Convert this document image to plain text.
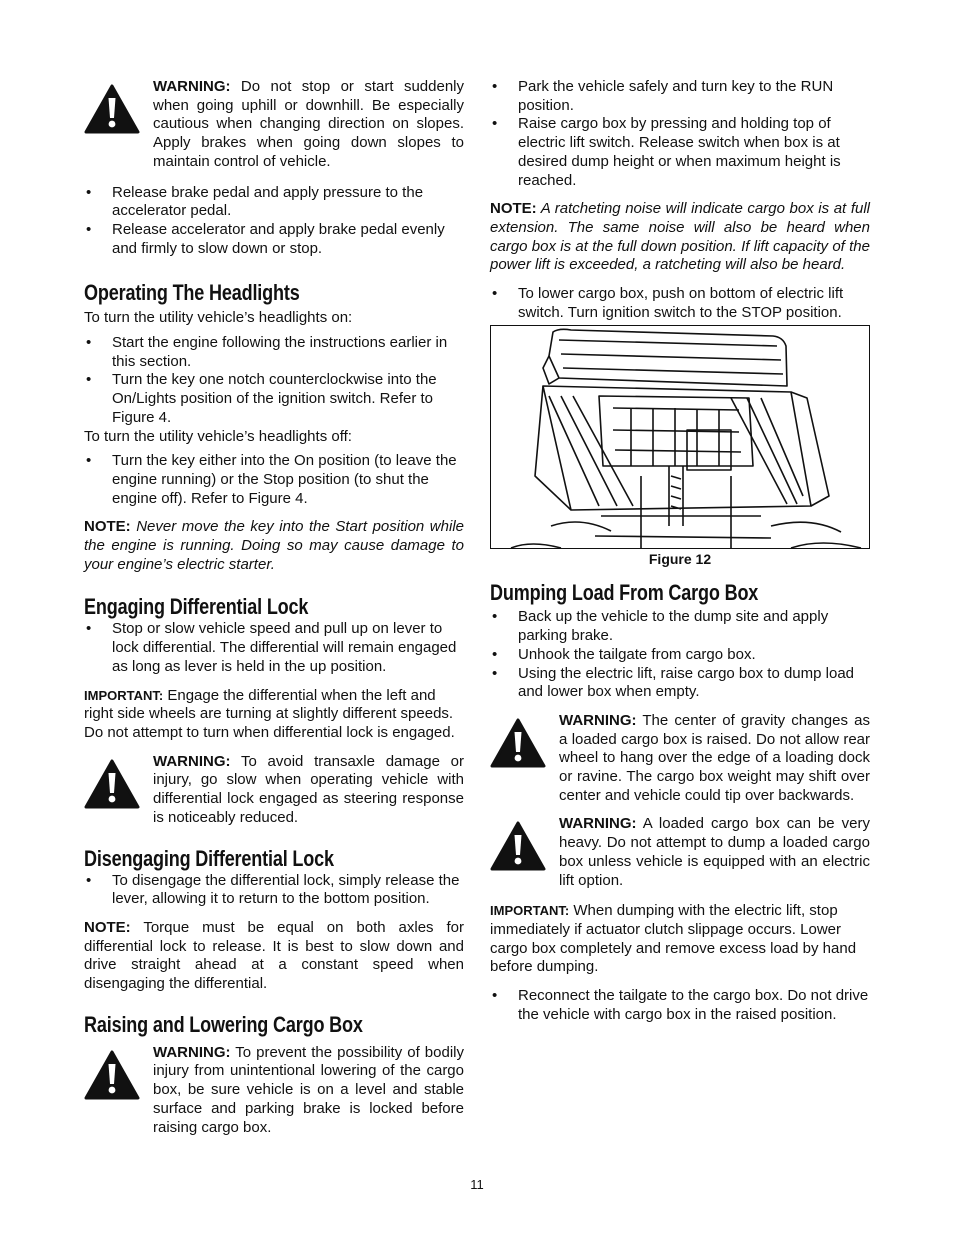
WARNING: Do not stop or start suddenly when going uphill or downhill. Be especially cautious when changing direction on slopes. Apply brakes when going down slopes to maintain control of vehicle.
• Release brake pedal and apply pressure to the accelerator pedal.
• Release accelerator and apply brake pedal evenly and firmly to slow down or stop.
Operating The Headlights

To turn the utility vehicle’s headlights on:

• Start the engine following the instructions earlier in this section.
• Turn the key one notch counterclockwise into the On/Lights position of the ignition switch. Refer to Figure 4.

To turn the utility vehicle’s headlights off:

• Turn the key either into the On position (to leave the engine running) or the Stop position (to shut the engine off). Refer to Figure 4.

NOTE: Never move the key into the Start position while the engine is running. Doing so may cause damage to your engine’s electric starter.

Engaging Differential Lock
• Stop or slow vehicle speed and pull up on lever to lock differential. The differential will remain engaged as long as lever is held in the up position.

IMPORTANT: Engage the differential when the left and right side wheels are turning at slightly different speeds. Do not attempt to turn when differential lock is engaged.

WARNING: To avoid transaxle damage or injury, go slow when operating vehicle with differential lock engaged as steering response is noticeably reduced.
Disengaging Differential Lock
• To disengage the differential lock, simply release the lever, allowing it to return to the bottom position.

NOTE: Torque must be equal on both axles for differential lock to release. It is best to slow down and drive straight ahead at a constant speed when disengaging the differential.

Raising and Lowering Cargo Box
WARNING: To prevent the possibility of bodily injury from unintentional lowering of the cargo box, be sure vehicle is on a level and stable surface and parking brake is locked before raising cargo box.
• Park the vehicle safely and turn key to the RUN position.
• Raise cargo box by pressing and holding top of electric lift switch. Release switch when box is at desired dump height or when maximum height is reached.

NOTE: A ratcheting noise will indicate cargo box is at full extension. The same noise will also be heard when cargo box is at the full down position. If lift capacity of the power lift is exceeded, a ratcheting will also be heard.

• To lower cargo box, push on bottom of electric lift switch. Turn ignition switch to the STOP position.
Figure 12
Dumping Load From Cargo Box
• Back up the vehicle to the dump site and apply parking brake.
• Unhook the tailgate from cargo box.
• Using the electric lift, raise cargo box to dump load and lower box when empty.
WARNING: The center of gravity changes as a loaded cargo box is raised. Do not allow rear wheel to hang over the edge of a loading dock or ravine. The cargo box weight may shift over center and vehicle could tip over backwards.
WARNING: A loaded cargo box can be very heavy. Do not attempt to dump a loaded cargo box unless vehicle is equipped with an electric lift option.

IMPORTANT: When dumping with the electric lift, stop immediately if actuator clutch slippage occurs. Lower cargo box completely and remove excess load by hand before dumping.

• Reconnect the tailgate to the cargo box. Do not drive the vehicle with cargo box in the raised position.
11
